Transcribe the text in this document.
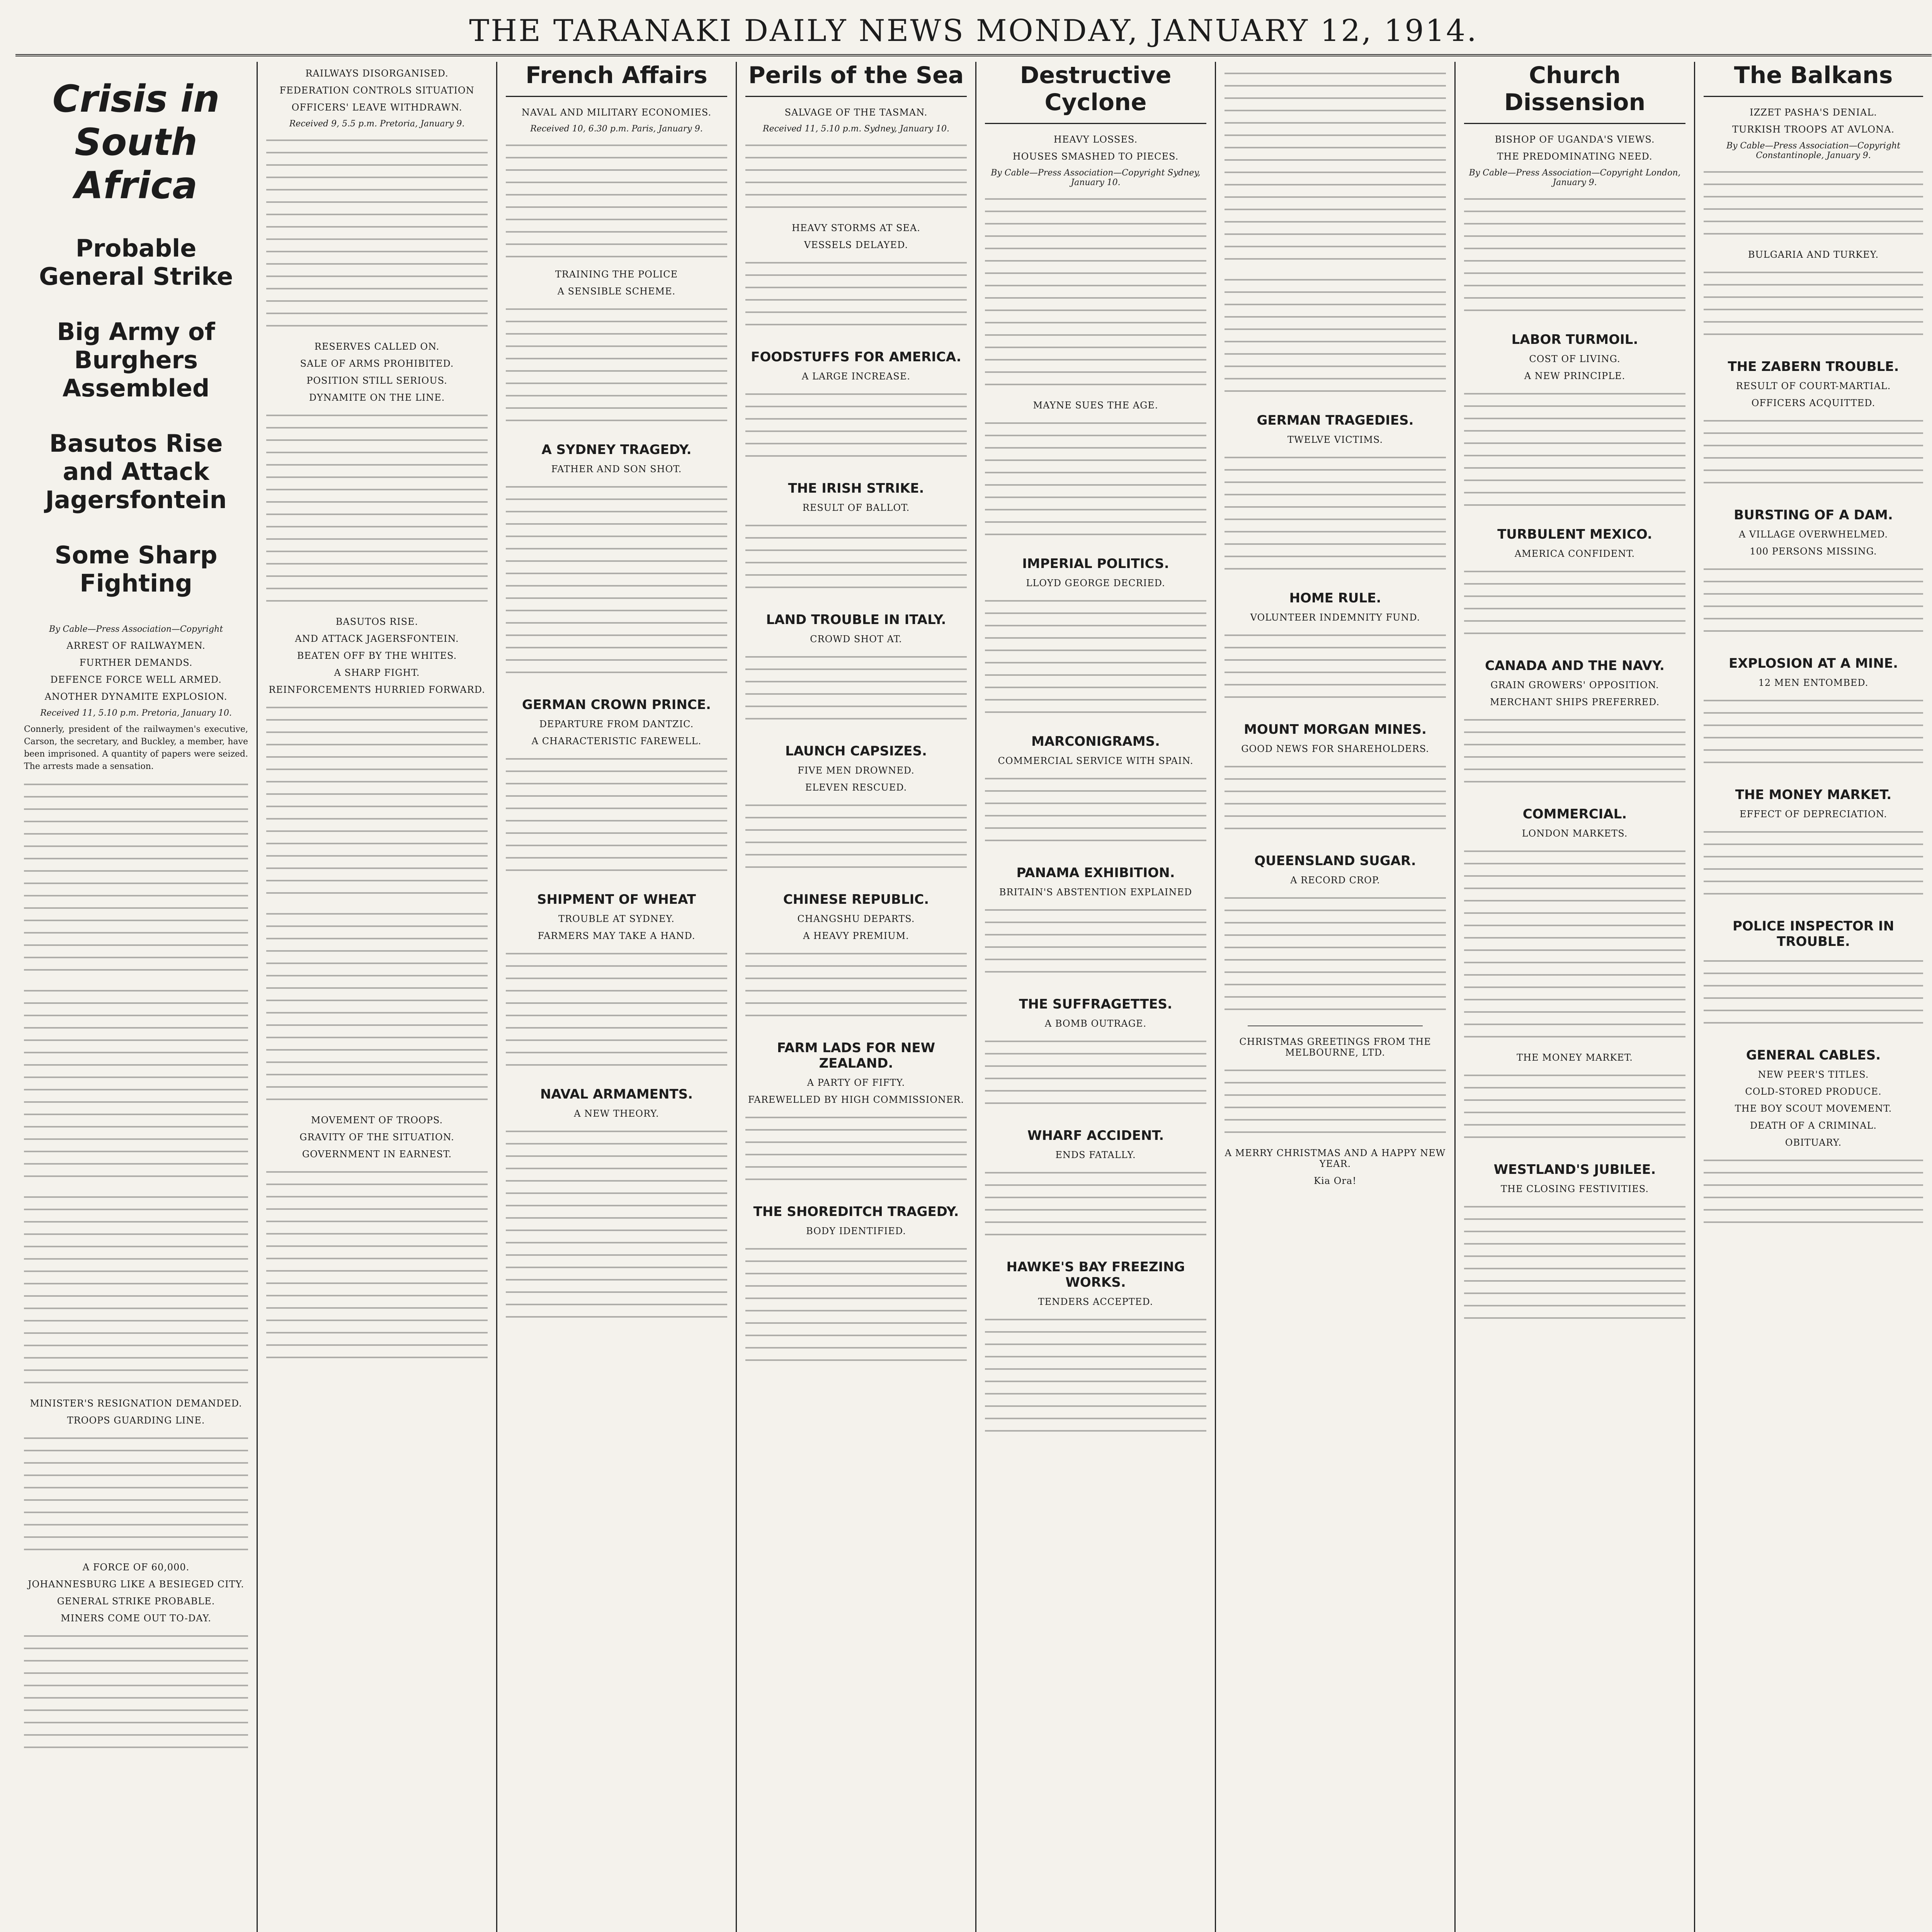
THE TARANAKI DAILY NEWS MONDAY, JANUARY 12, 1914.
Crisis in South Africa
Probable General Strike
Big Army of Burghers Assembled
Basutos Rise and Attack Jagersfontein
Some Sharp Fighting
By Cable—Press Association—Copyright
ARREST OF RAILWAYMEN.
FURTHER DEMANDS.
DEFENCE FORCE WELL ARMED.
ANOTHER DYNAMITE EXPLOSION.
Received 11, 5.10 p.m. Pretoria, January 10.
Connerly, president of the railwaymen's executive, Carson, the secretary, and Buckley, a member, have been imprisoned. A quantity of papers were seized. The arrests made a sensation.
MINISTER'S RESIGNATION DEMANDED.
TROOPS GUARDING LINE.
A FORCE OF 60,000.
JOHANNESBURG LIKE A BESIEGED CITY.
GENERAL STRIKE PROBABLE.
MINERS COME OUT TO-DAY.
RAILWAYS DISORGANISED.
FEDERATION CONTROLS SITUATION
OFFICERS' LEAVE WITHDRAWN.
Received 9, 5.5 p.m. Pretoria, January 9.
RESERVES CALLED ON.
SALE OF ARMS PROHIBITED.
POSITION STILL SERIOUS.
DYNAMITE ON THE LINE.
BASUTOS RISE.
AND ATTACK JAGERSFONTEIN.
BEATEN OFF BY THE WHITES.
A SHARP FIGHT.
REINFORCEMENTS HURRIED FORWARD.
MOVEMENT OF TROOPS.
GRAVITY OF THE SITUATION.
GOVERNMENT IN EARNEST.
French Affairs
NAVAL AND MILITARY ECONOMIES.
Received 10, 6.30 p.m. Paris, January 9.
TRAINING THE POLICE
A SENSIBLE SCHEME.
A SYDNEY TRAGEDY.
FATHER AND SON SHOT.
GERMAN CROWN PRINCE.
DEPARTURE FROM DANTZIC.
A CHARACTERISTIC FAREWELL.
SHIPMENT OF WHEAT
TROUBLE AT SYDNEY.
FARMERS MAY TAKE A HAND.
NAVAL ARMAMENTS.
A NEW THEORY.
Perils of the Sea
SALVAGE OF THE TASMAN.
Received 11, 5.10 p.m. Sydney, January 10.
HEAVY STORMS AT SEA.
VESSELS DELAYED.
FOODSTUFFS FOR AMERICA.
A LARGE INCREASE.
THE IRISH STRIKE.
RESULT OF BALLOT.
LAND TROUBLE IN ITALY.
CROWD SHOT AT.
LAUNCH CAPSIZES.
FIVE MEN DROWNED.
ELEVEN RESCUED.
CHINESE REPUBLIC.
CHANGSHU DEPARTS.
A HEAVY PREMIUM.
FARM LADS FOR NEW ZEALAND.
A PARTY OF FIFTY.
FAREWELLED BY HIGH COMMISSIONER.
THE SHOREDITCH TRAGEDY.
BODY IDENTIFIED.
Destructive Cyclone
HEAVY LOSSES.
HOUSES SMASHED TO PIECES.
By Cable—Press Association—Copyright Sydney, January 10.
MAYNE SUES THE AGE.
IMPERIAL POLITICS.
LLOYD GEORGE DECRIED.
MARCONIGRAMS.
COMMERCIAL SERVICE WITH SPAIN.
PANAMA EXHIBITION.
BRITAIN'S ABSTENTION EXPLAINED
THE SUFFRAGETTES.
A BOMB OUTRAGE.
WHARF ACCIDENT.
ENDS FATALLY.
HAWKE'S BAY FREEZING WORKS.
TENDERS ACCEPTED.
GERMAN TRAGEDIES.
TWELVE VICTIMS.
HOME RULE.
VOLUNTEER INDEMNITY FUND.
MOUNT MORGAN MINES.
GOOD NEWS FOR SHAREHOLDERS.
QUEENSLAND SUGAR.
A RECORD CROP.
CHRISTMAS GREETINGS FROM THE MELBOURNE, LTD.
A MERRY CHRISTMAS AND A HAPPY NEW YEAR.
Kia Ora!
Church Dissension
BISHOP OF UGANDA'S VIEWS.
THE PREDOMINATING NEED.
By Cable—Press Association—Copyright London, January 9.
LABOR TURMOIL.
COST OF LIVING.
A NEW PRINCIPLE.
TURBULENT MEXICO.
AMERICA CONFIDENT.
CANADA AND THE NAVY.
GRAIN GROWERS' OPPOSITION.
MERCHANT SHIPS PREFERRED.
COMMERCIAL.
LONDON MARKETS.
THE MONEY MARKET.
WESTLAND'S JUBILEE.
THE CLOSING FESTIVITIES.
The Balkans
IZZET PASHA'S DENIAL.
TURKISH TROOPS AT AVLONA.
By Cable—Press Association—Copyright Constantinople, January 9.
BULGARIA AND TURKEY.
THE ZABERN TROUBLE.
RESULT OF COURT-MARTIAL.
OFFICERS ACQUITTED.
BURSTING OF A DAM.
A VILLAGE OVERWHELMED.
100 PERSONS MISSING.
EXPLOSION AT A MINE.
12 MEN ENTOMBED.
THE MONEY MARKET.
EFFECT OF DEPRECIATION.
POLICE INSPECTOR IN TROUBLE.
GENERAL CABLES.
NEW PEER'S TITLES.
COLD-STORED PRODUCE.
THE BOY SCOUT MOVEMENT.
DEATH OF A CRIMINAL.
OBITUARY.
